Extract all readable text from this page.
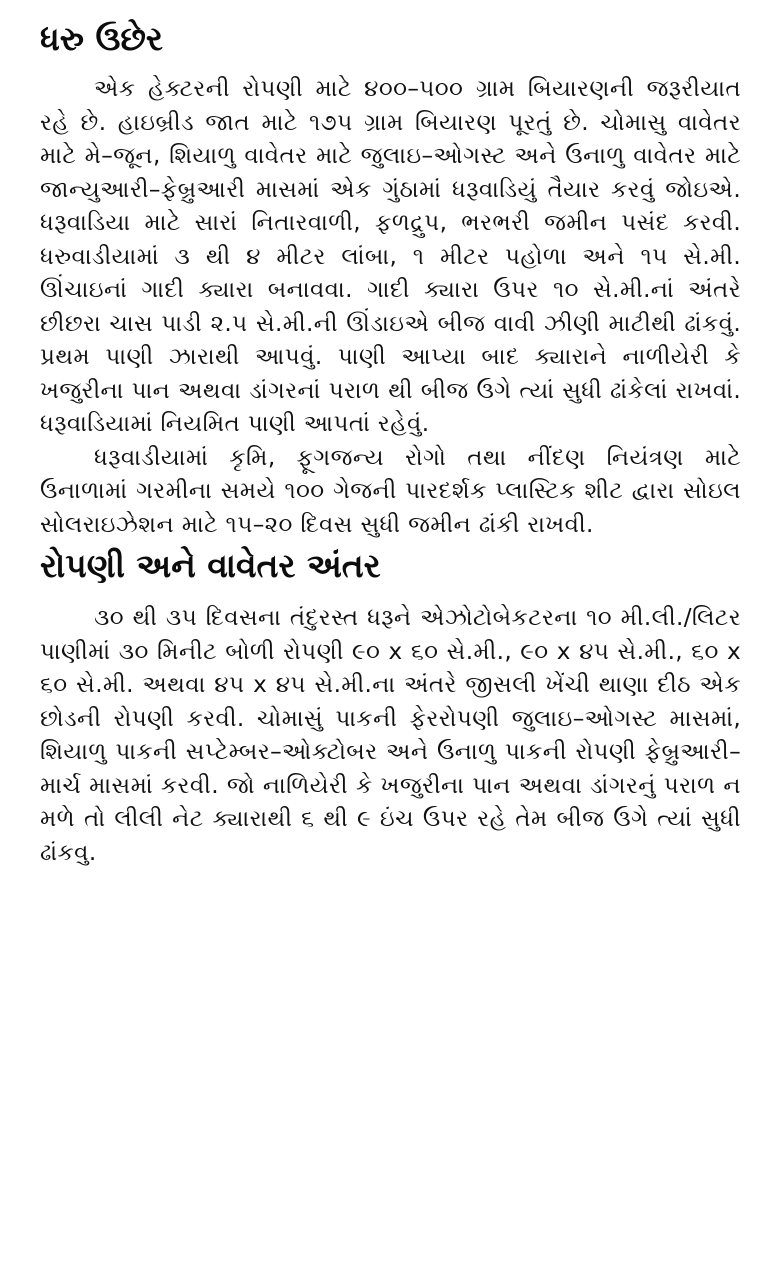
ધરુ ઉછેર

એક હેક્ટરની રોપણી માટે ૪૦૦–૫૦૦ ગ્રામ બિયારણની જરૂરીયાત રહે છે. હાઇબ્રીડ જાત માટે ૧૭૫ ગ્રામ બિયારણ પૂરતું છે. ચોમાસુ વાવેતર માટે મે–જૂન, શિયાળુ વાવેતર માટે જુલાઇ–ઓગસ્ટ અને ઉનાળુ વાવેતર માટે જાન્યુઆરી–ફેબ્રુઆરી માસમાં એક ગુંઠામાં ધરૂવાડિયું તૈયાર કરવું જોઇએ. ધરૂવાડિયા માટે સારાં નિતારવાળી, ફળદ્રુપ, ભરભરી જમીન પસંદ કરવી. ધરુવાડીયામાં ૩ થી ૪ મીટર લાંબા, ૧ મીટર પહોળા અને ૧૫ સે.મી. ઊંચાઇનાં ગાદી ક્યારા બનાવવા. ગાદી ક્યારા ઉપર ૧૦ સે.મી.નાં અંતરે છીછરા ચાસ પાડી ૨.૫ સે.મી.ની ઊંડાઇએ બીજ વાવી ઝીણી માટીથી ઢાંકવું. પ્રથમ પાણી ઝારાથી આપવું. પાણી આપ્યા બાદ ક્યારાને નાળીયેરી કે ખજુરીના પાન અથવા ડાંગરનાં પરાળ થી બીજ ઉગે ત્યાં સુધી ઢાંકેલાં રાખવાં. ધરૂવાડિયામાં નિયમિત પાણી આપતાં રહેવું.

ધરૂવાડીયામાં કૃમિ, ફૂગજન્ય રોગો તથા નીંદણ નિયંત્રણ માટે ઉનાળામાં ગરમીના સમયે ૧૦૦ ગેજની પારદર્શક પ્લાસ્ટિક શીટ દ્વારા સોઇલ સોલરાઇઝેશન માટે ૧૫–૨૦ દિવસ સુધી જમીન ઢાંકી રાખવી.

રોપણી અને વાવેતર અંતર

૩૦ થી ૩૫ દિવસના તંદુરસ્ત ધરૂને એઝોટોબેકટરના ૧૦ મી.લી./લિટર પાણીમાં ૩૦ મિનીટ બોળી રોપણી ૯૦ x ૬૦ સે.મી., ૯૦ x ૪૫ સે.મી., ૬૦ x ૬૦ સે.મી. અથવા ૪૫ x ૪૫ સે.મી.ના અંતરે જીસલી ખેંચી થાણા દીઠ એક છોડની રોપણી કરવી. ચોમાસું પાકની ફેરરોપણી જુલાઇ–ઓગસ્ટ માસમાં, શિયાળુ પાકની સપ્ટેમ્બર–ઓક્ટોબર અને ઉનાળુ પાકની રોપણી ફેબ્રુઆરી–માર્ચ માસમાં કરવી. જો નાળિયેરી કે ખજુરીના પાન અથવા ડાંગરનું પરાળ ન મળે તો લીલી નેટ ક્યારાથી ૬ થી ૯ ઇંચ ઉપર રહે તેમ બીજ ઉગે ત્યાં સુધી ઢાંકવુ.
